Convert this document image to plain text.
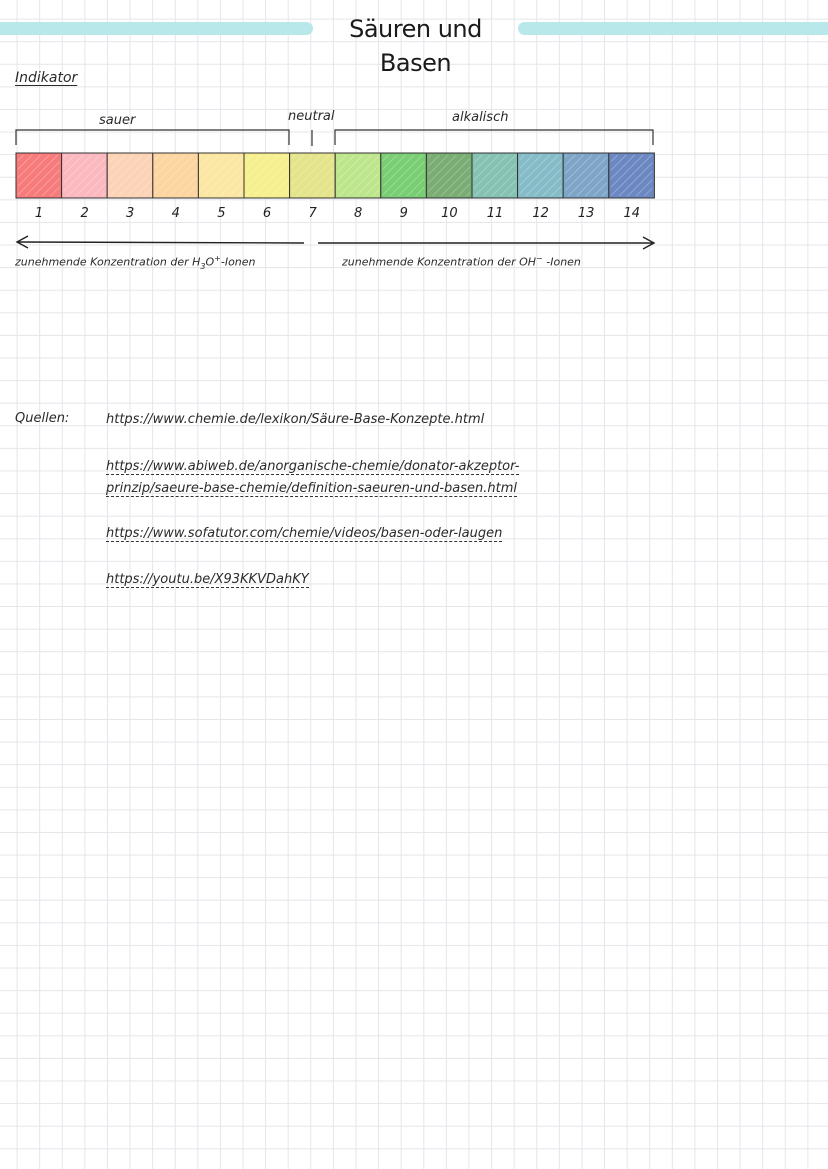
Säuren und Basen
Indikator
sauer	neutral	alkalisch
1	2	3	4	5	6	7	8	9	10	11	12	13	14
zunehmende Konzentration der $H_3O^+$-Ionen	zunehmende Konzentration der OH− -Ionen
Quellen:	https://www.chemie.de/lexikon/Säure-Base-Konzepte.html
https://www.abiweb.de/anorganische-chemie/donator-akzeptor-
prinzip/saeure-base-chemie/definition-saeuren-und-basen.html
https://www.sofatutor.com/chemie/videos/basen-oder-laugen
https://youtu.be/X93KKVDahKY
